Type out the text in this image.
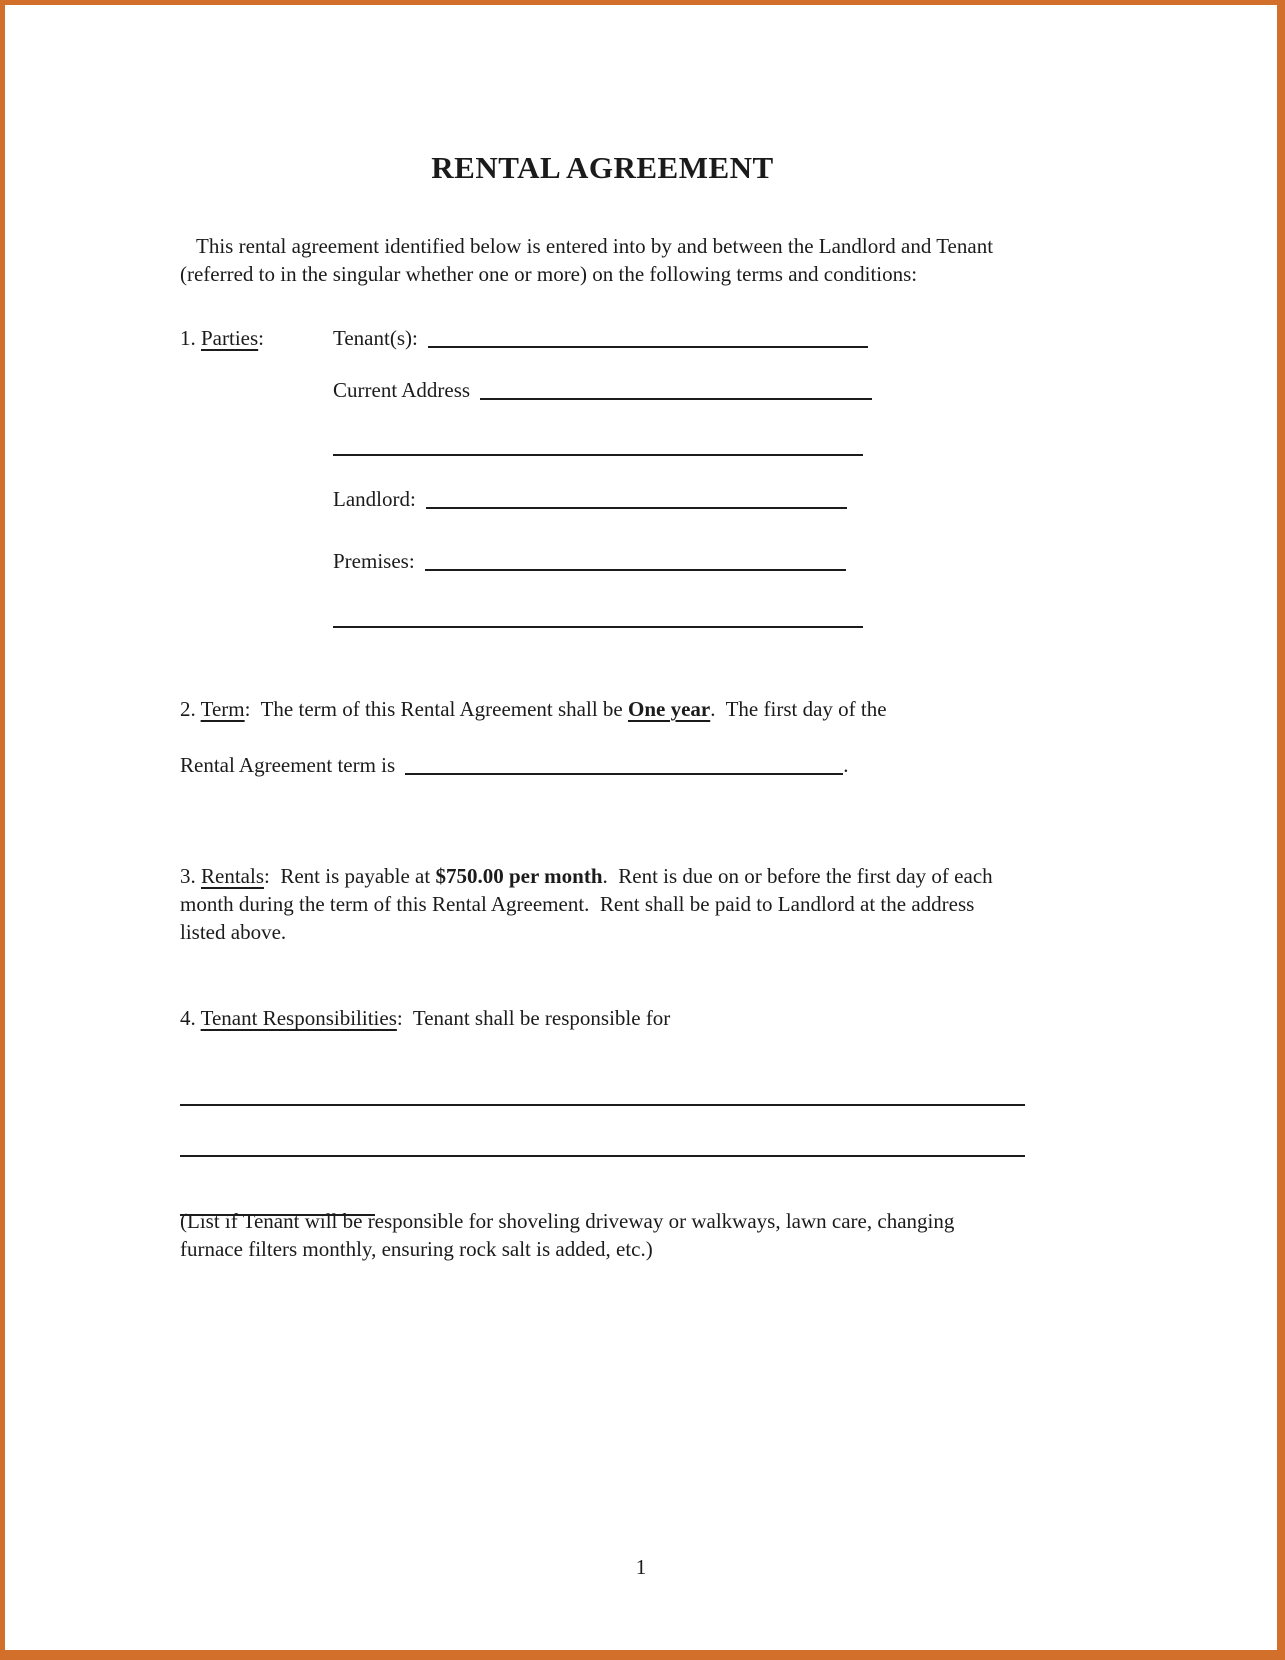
RENTAL AGREEMENT

This rental agreement identified below is entered into by and between the Landlord and Tenant (referred to in the singular whether one or more) on the following terms and conditions:

1. Parties:	Tenant(s):
Current Address
Landlord:
Premises:

2. Term:  The term of this Rental Agreement shall be One year.  The first day of the

Rental Agreement term is	.

3. Rentals:  Rent is payable at $750.00 per month.  Rent is due on or before the first day of each month during the term of this Rental Agreement.  Rent shall be paid to Landlord at the address listed above.

4. Tenant Responsibilities:  Tenant shall be responsible for

(List if Tenant will be responsible for shoveling driveway or walkways, lawn care, changing furnace filters monthly, ensuring rock salt is added, etc.)

1
